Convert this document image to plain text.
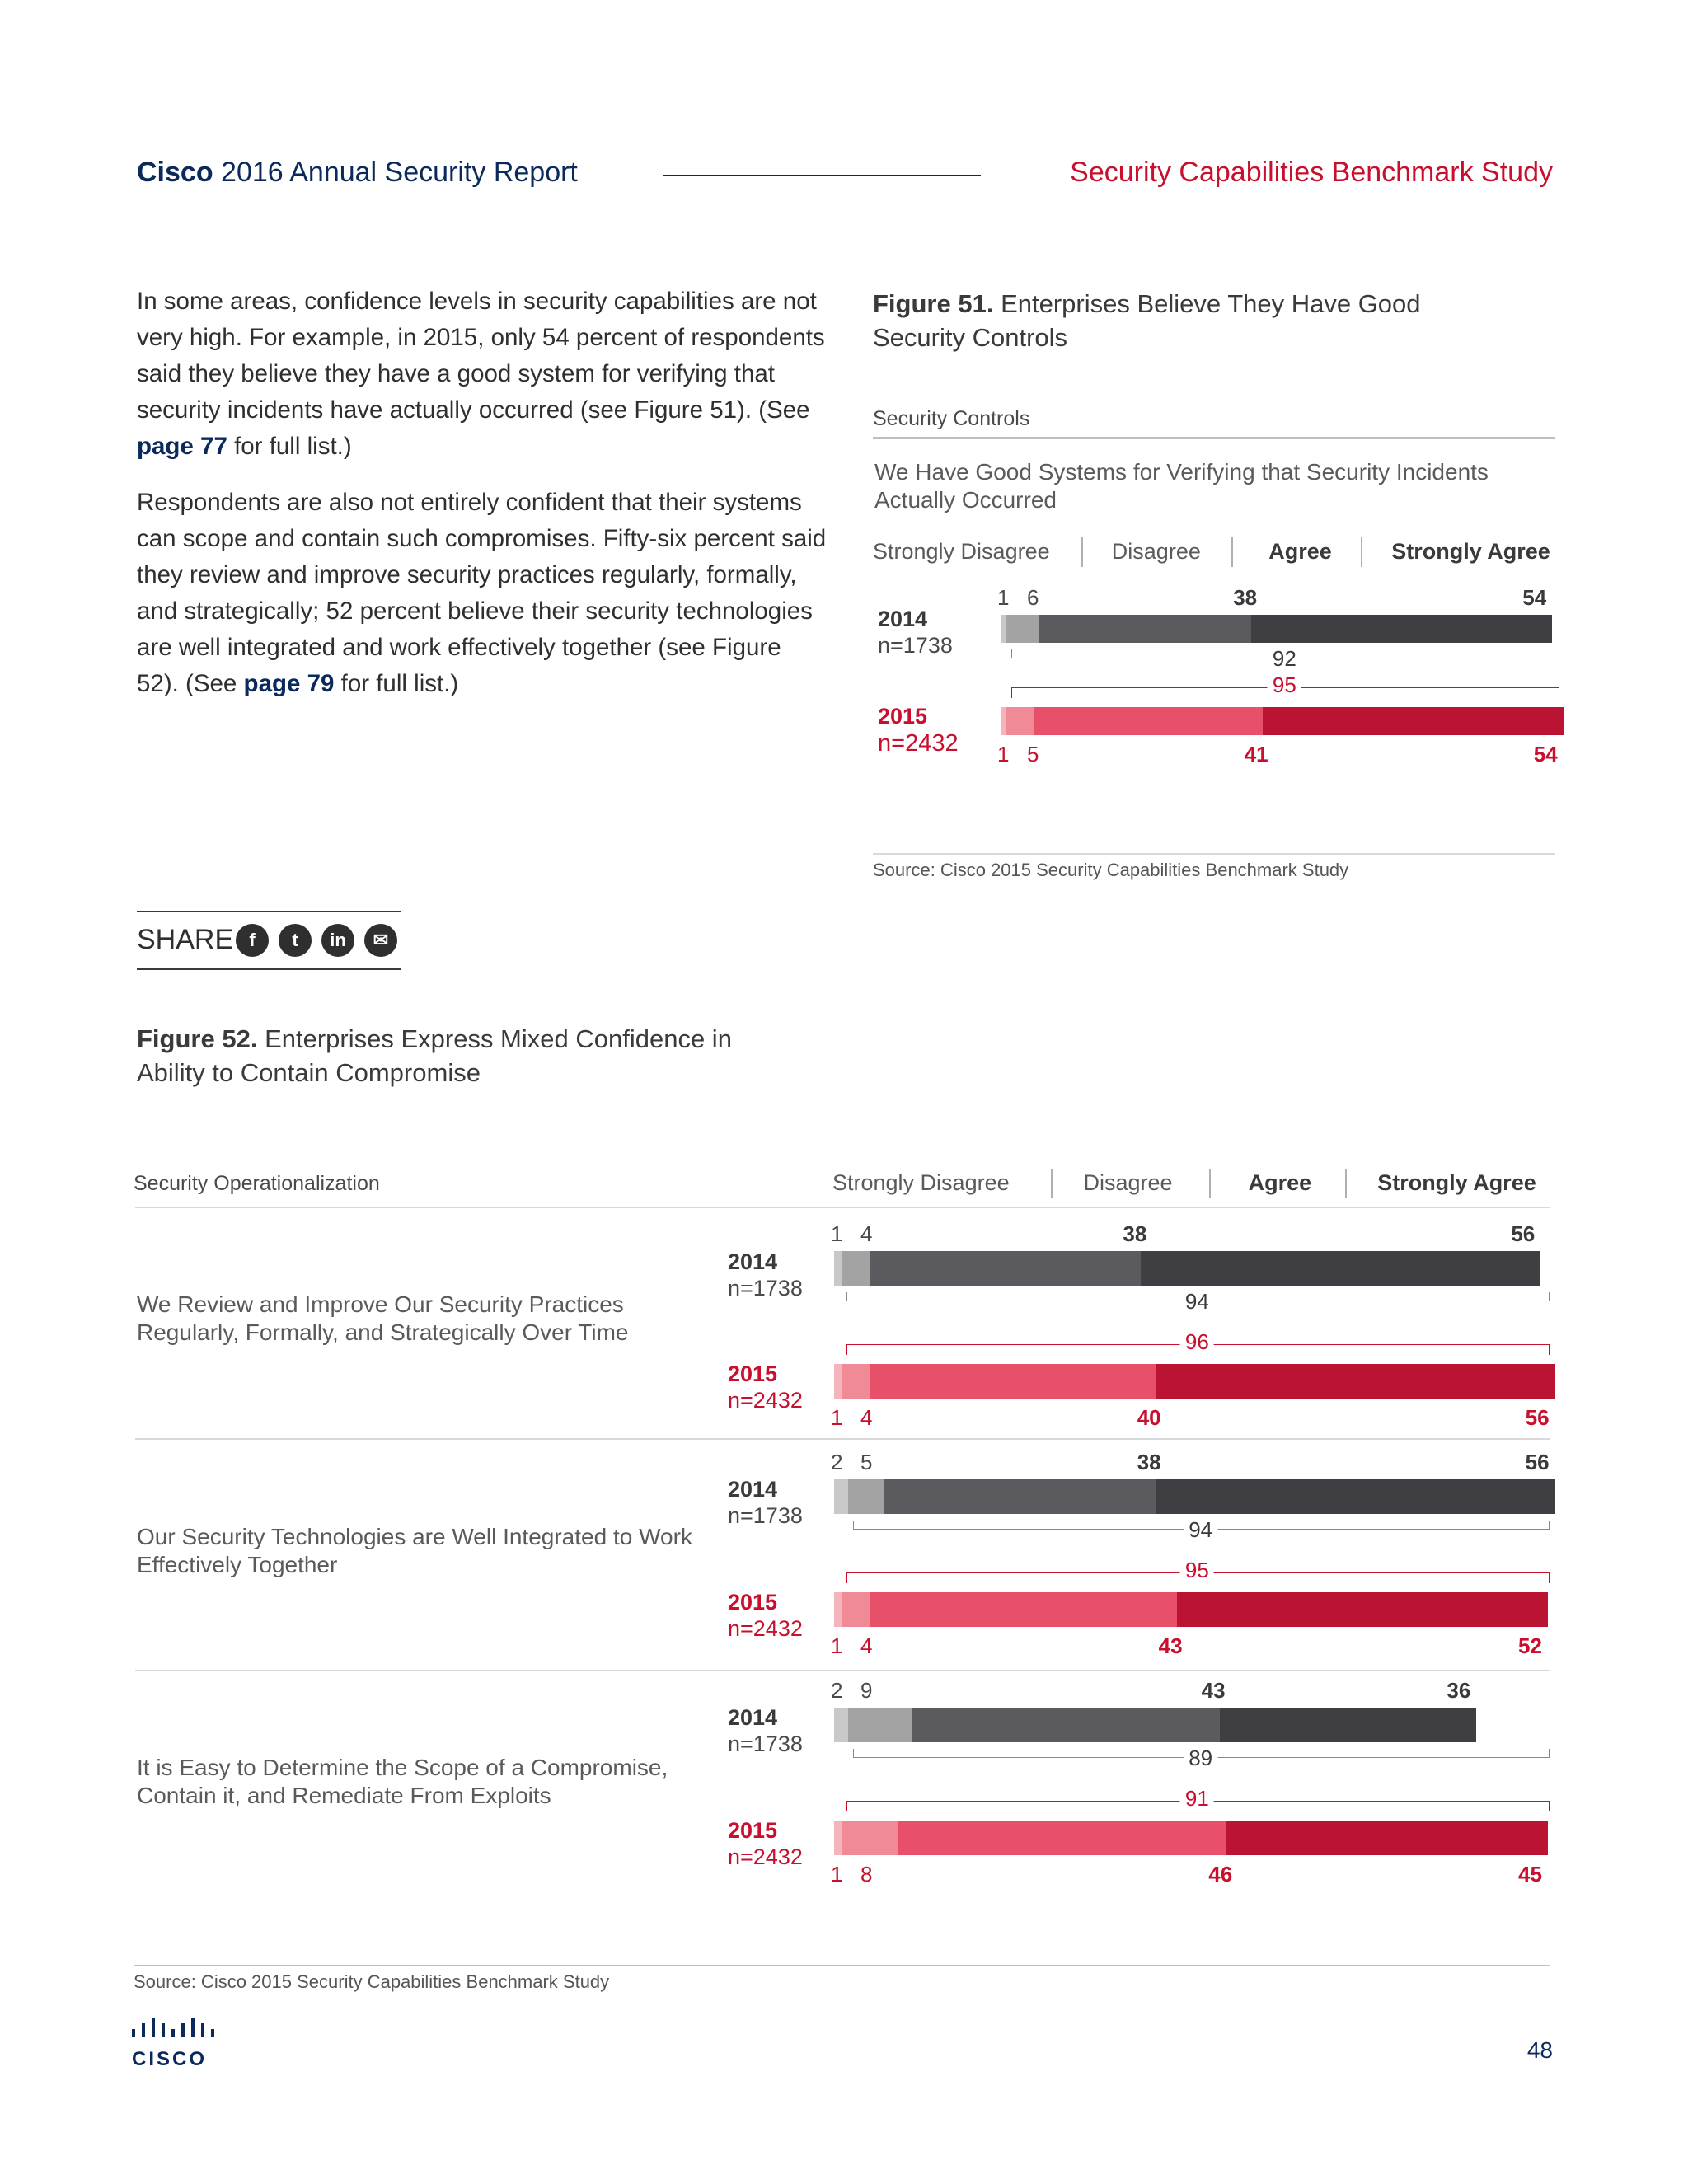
Cisco 2016 Annual Security Report	Security Capabilities Benchmark Study
In some areas, confidence levels in security capabilities are not very high. For example, in 2015, only 54 percent of respondents said they believe they have a good system for verifying that security incidents have actually occurred (see Figure 51). (See page 77 for full list.)
Respondents are also not entirely confident that their systems can scope and contain such compromises. Fifty-six percent said they review and improve security practices regularly, formally, and strategically; 52 percent believe their security technologies are well integrated and work effectively together (see Figure 52). (See page 79 for full list.)
SHARE f	t	in	✉
Figure 51. Enterprises Believe They Have Good Security Controls
Security Controls
We Have Good Systems for Verifying that Security Incidents Actually Occurred
Strongly Disagree	Disagree	Agree	Strongly Agree
1 6	38	54
92
2014
n=1738
1 5	41	54
95
2015
n=2432
Source: Cisco 2015 Security Capabilities Benchmark Study
Figure 52. Enterprises Express Mixed Confidence in Ability to Contain Compromise
Security Operationalization	Strongly Disagree	Disagree	Agree	Strongly Agree
1 4	38	56
94
2014
n=1738
1 4	40	56
96
2015
n=2432
We Review and Improve Our Security Practices Regularly, Formally, and Strategically Over Time
2 5	38	56
94
2014
n=1738
1 4	43	52
95
2015
n=2432
Our Security Technologies are Well Integrated to Work Effectively Together
2 9	43	36
89
2014
n=1738
1 8	46	45
91
2015
n=2432
It is Easy to Determine the Scope of a Compromise, Contain it, and Remediate From Exploits
Source: Cisco 2015 Security Capabilities Benchmark Study
CISCO	48
